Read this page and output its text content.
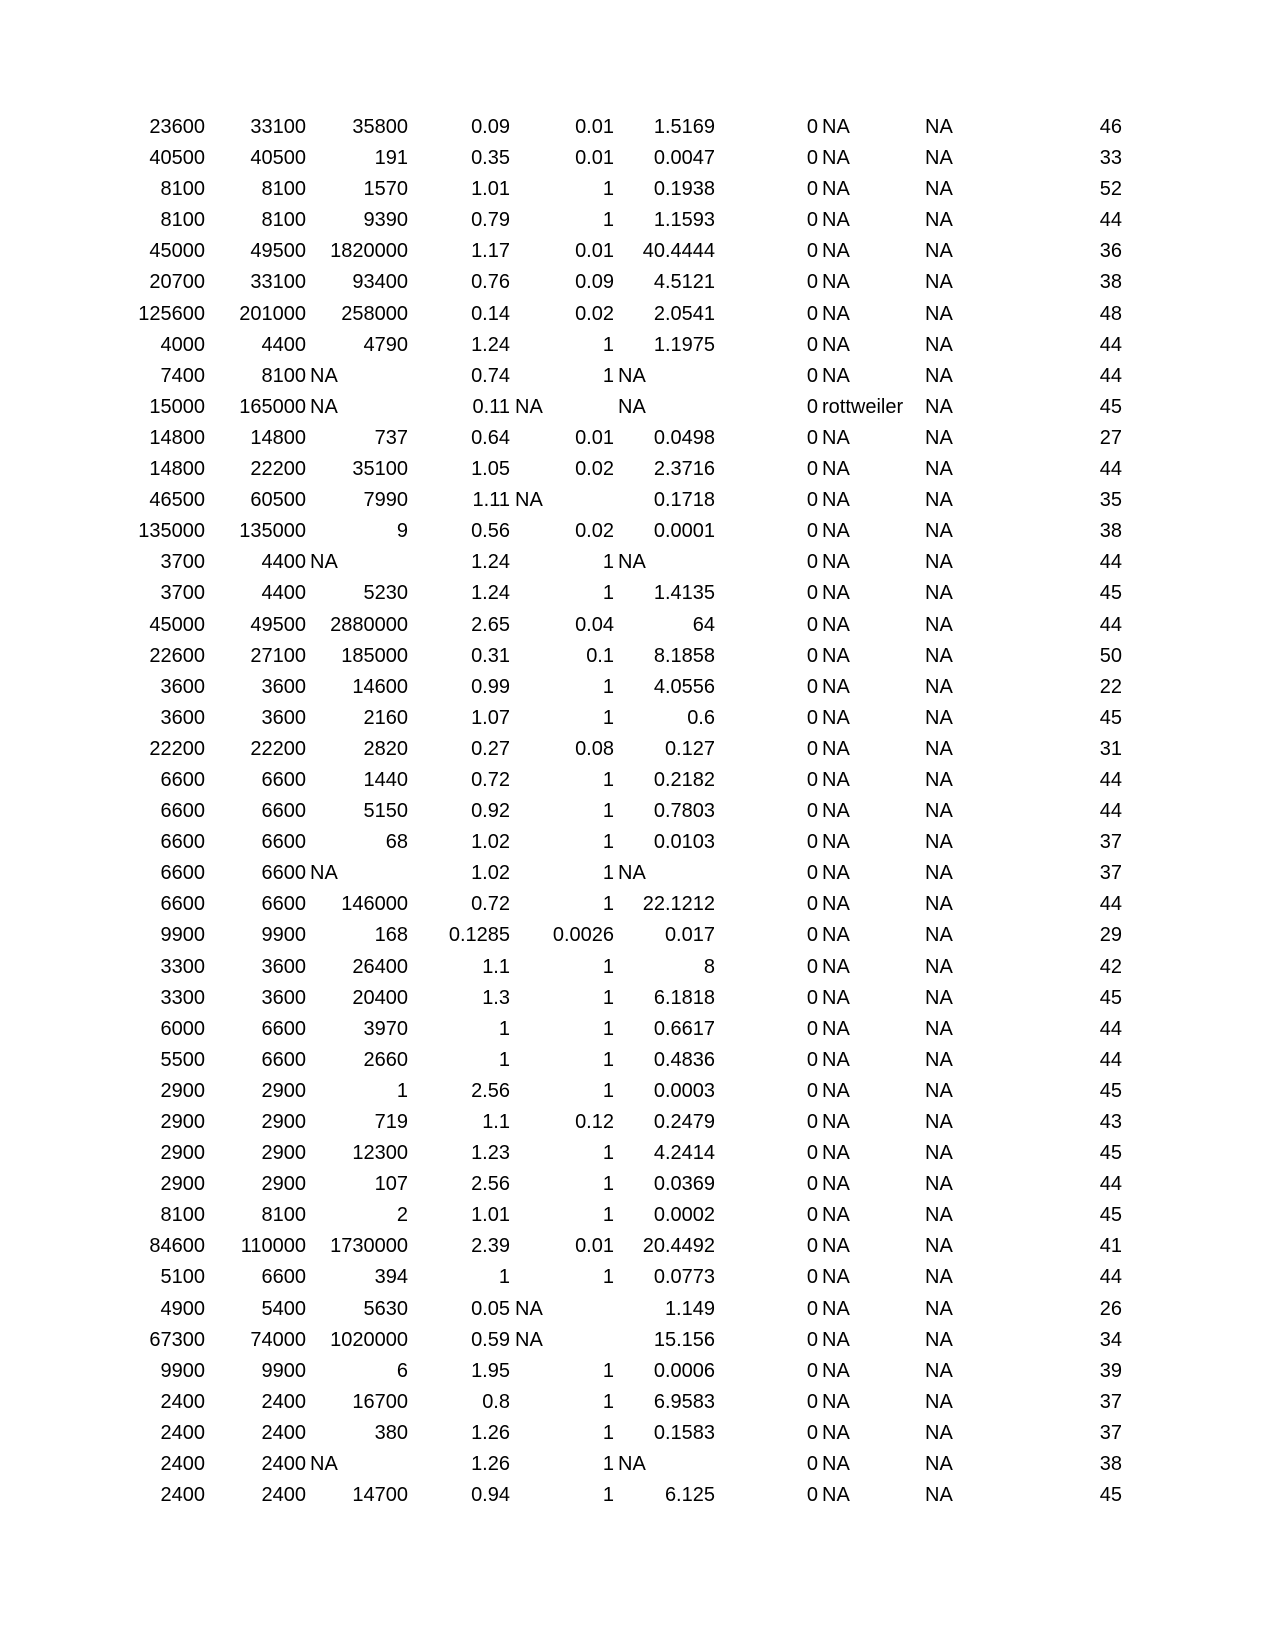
23600 33100 35800	0.09	0.01 1.5169	0 NA	NA	46
40500 40500	191	0.35	0.01 0.0047	0 NA	NA	33
8100	8100	1570	1.01	1 0.1938	0 NA	NA	52
8100	8100	9390	0.79	1 1.1593	0 NA	NA	44
45000 49500 1820000	1.17	0.01 40.4444	0 NA	NA	36
20700 33100 93400	0.76	0.09 4.5121	0 NA	NA	38
125600 201000 258000	0.14	0.02 2.0541	0 NA	NA	48
4000	4400	4790	1.24	1 1.1975	0 NA	NA	44
7400	8100 NA	0.74	1 NA	0 NA	NA	44
15000 165000 NA	0.11 NA	NA	0 rottweiler NA	45
14800 14800	737	0.64	0.01 0.0498	0 NA	NA	27
14800 22200 35100	1.05	0.02 2.3716	0 NA	NA	44
46500 60500	7990	1.11 NA	0.1718	0 NA	NA	35
135000 135000	9	0.56	0.02 0.0001	0 NA	NA	38
3700	4400 NA	1.24	1 NA	0 NA	NA	44
3700	4400	5230	1.24	1 1.4135	0 NA	NA	45
45000 49500 2880000	2.65	0.04	64	0 NA	NA	44
22600 27100 185000	0.31	0.1 8.1858	0 NA	NA	50
3600	3600 14600	0.99	1 4.0556	0 NA	NA	22
3600	3600	2160	1.07	1	0.6	0 NA	NA	45
22200 22200	2820	0.27	0.08	0.127	0 NA	NA	31
6600	6600	1440	0.72	1 0.2182	0 NA	NA	44
6600	6600	5150	0.92	1 0.7803	0 NA	NA	44
6600	6600	68	1.02	1 0.0103	0 NA	NA	37
6600	6600 NA	1.02	1 NA	0 NA	NA	37
6600	6600 146000	0.72	1 22.1212	0 NA	NA	44
9900	9900	168 0.1285 0.0026	0.017	0 NA	NA	29
3300	3600 26400	1.1	1	8	0 NA	NA	42
3300	3600 20400	1.3	1 6.1818	0 NA	NA	45
6000	6600	3970	1	1 0.6617	0 NA	NA	44
5500	6600	2660	1	1 0.4836	0 NA	NA	44
2900	2900	1	2.56	1 0.0003	0 NA	NA	45
2900	2900	719	1.1	0.12 0.2479	0 NA	NA	43
2900	2900 12300	1.23	1 4.2414	0 NA	NA	45
2900	2900	107	2.56	1 0.0369	0 NA	NA	44
8100	8100	2	1.01	1 0.0002	0 NA	NA	45
84600 110000 1730000	2.39	0.01 20.4492	0 NA	NA	41
5100	6600	394	1	1 0.0773	0 NA	NA	44
4900	5400	5630	0.05 NA	1.149	0 NA	NA	26
67300 74000 1020000	0.59 NA	15.156	0 NA	NA	34
9900	9900	6	1.95	1 0.0006	0 NA	NA	39
2400	2400 16700	0.8	1 6.9583	0 NA	NA	37
2400	2400	380	1.26	1 0.1583	0 NA	NA	37
2400	2400 NA	1.26	1 NA	0 NA	NA	38
2400	2400 14700	0.94	1	6.125	0 NA	NA	45
